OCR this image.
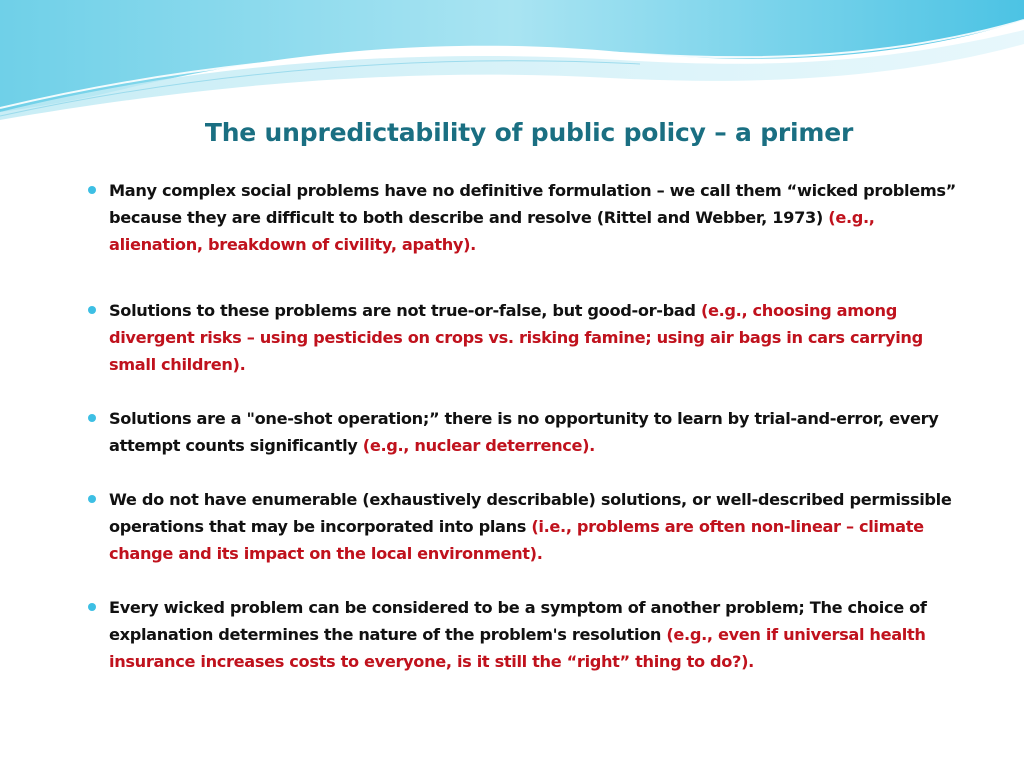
The unpredictability of public policy – a primer
Many complex social problems have no definitive formulation – we call them “wicked problems” because they are difficult to both describe and resolve (Rittel and Webber, 1973) (e.g., alienation, breakdown of civility, apathy).
Solutions to these problems are not true-or-false, but good-or-bad (e.g., choosing among divergent risks – using pesticides on crops vs. risking famine; using air bags in cars carrying small children).
Solutions are a "one-shot operation;” there is no opportunity to learn by trial-and-error, every attempt counts significantly (e.g., nuclear deterrence).
We do not have enumerable (exhaustively describable) solutions, or well-described permissible operations that may be incorporated into plans (i.e., problems are often non-linear – climate change and its impact on the local environment).
Every wicked problem can be considered to be a symptom of another problem; The choice of explanation determines the nature of the problem's resolution (e.g., even if universal health insurance increases costs to everyone, is it still the “right” thing to do?).
